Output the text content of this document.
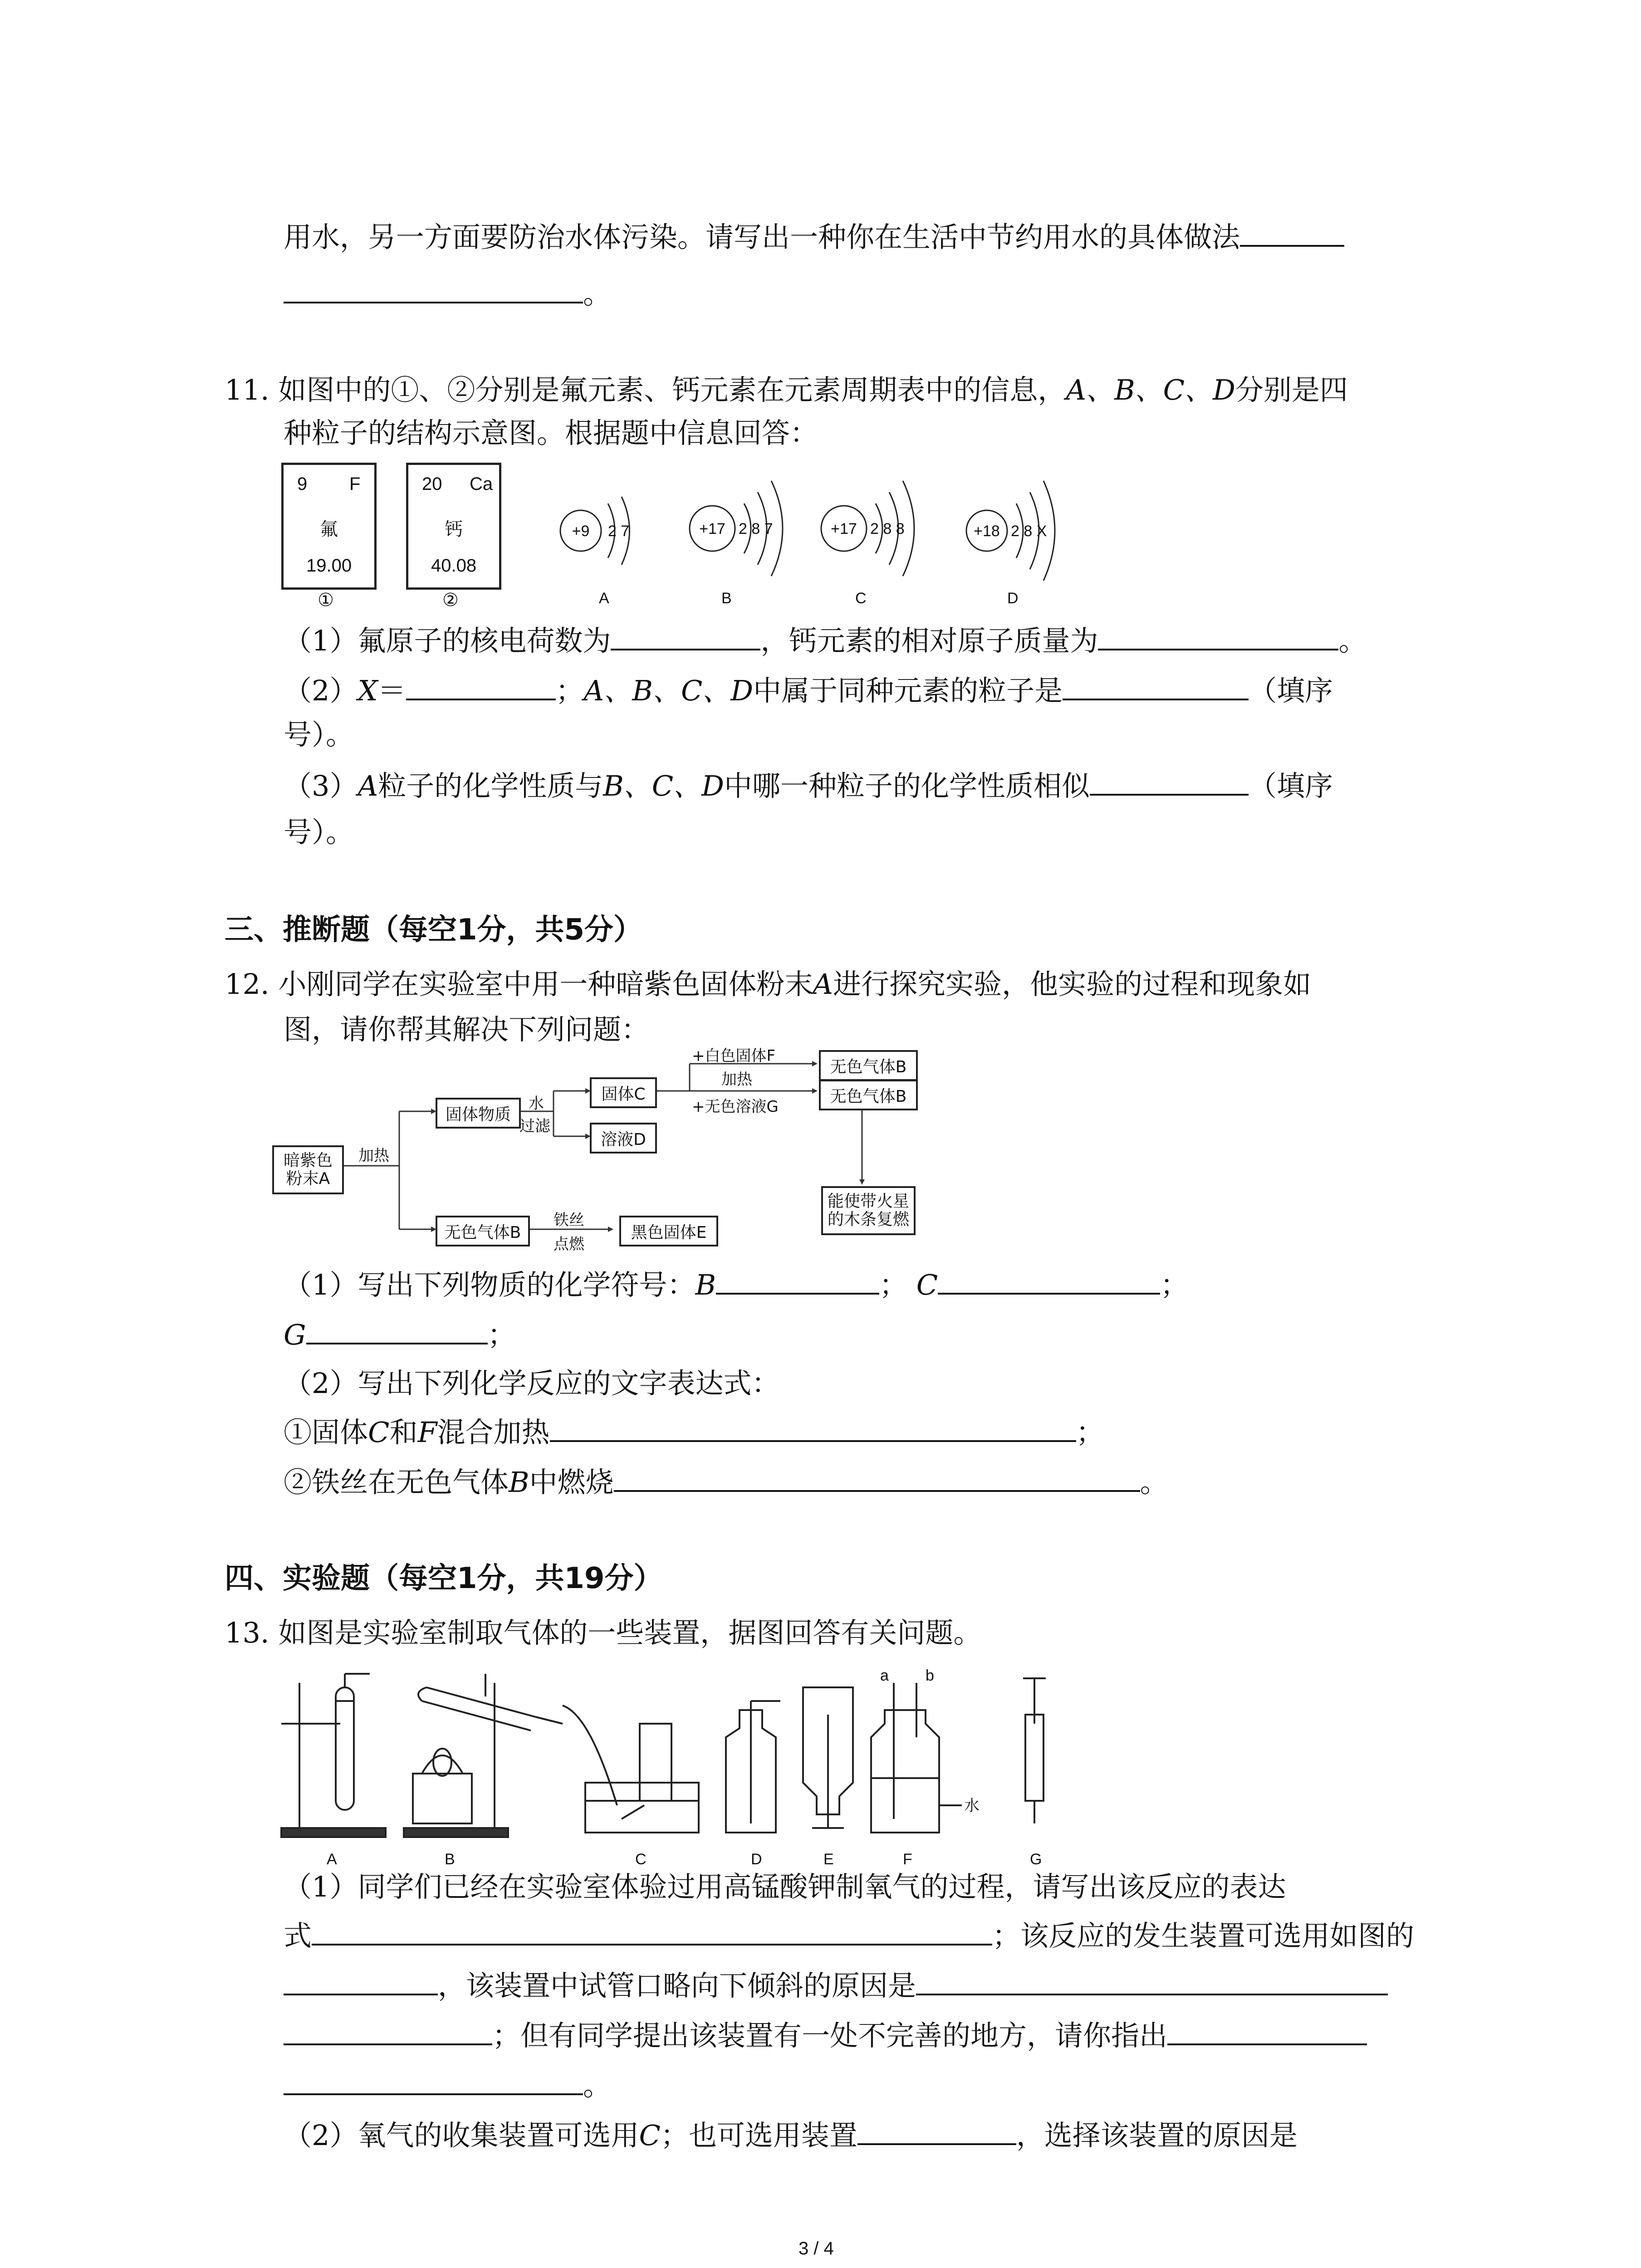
用水，另一方面要防治水体污染。请写出一种你在生活中节约用水的具体做法
。
11. 如图中的①、②分别是氟元素、钙元素在元素周期表中的信息，A、B、C、D分别是四
种粒子的结构示意图。根据题中信息回答：
9 F
氟
19.00
①
20 Ca
钙
40.08
②
+9 2 7
A
+17 2 8 7
B
+17 2 8 8
C
+18 2 8 X
D
（1）氟原子的核电荷数为	，钙元素的相对原子质量为	。
（2）X＝	；A、B、C、D中属于同种元素的粒子是	（填序
号）。
（3）A粒子的化学性质与B、C、D中哪一种粒子的化学性质相似	（填序
号）。
三、推断题（每空1分，共5分）
12. 小刚同学在实验室中用一种暗紫色固体粉末A进行探究实验，他实验的过程和现象如
图，请你帮其解决下列问题：
暗紫色
粉末A
加热
固体物质
水
过滤
固体C
溶液D
+白色固体F
加热
+无色溶液G
无色气体B
无色气体B
能使带火星
的木条复燃
无色气体B
铁丝
点燃
黑色固体E
（1）写出下列物质的化学符号：B	； C	；
G	；
（2）写出下列化学反应的文字表达式：
①固体C和F混合加热	；
②铁丝在无色气体B中燃烧	。
四、实验题（每空1分，共19分）
13. 如图是实验室制取气体的一些装置，据图回答有关问题。
A	B	C	D	E	F	G
a b
水
（1）同学们已经在实验室体验过用高锰酸钾制氧气的过程，请写出该反应的表达
式	；该反应的发生装置可选用如图的
，该装置中试管口略向下倾斜的原因是
；但有同学提出该装置有一处不完善的地方，请你指出
。
（2）氧气的收集装置可选用C；也可选用装置	，选择该装置的原因是
3 / 4
